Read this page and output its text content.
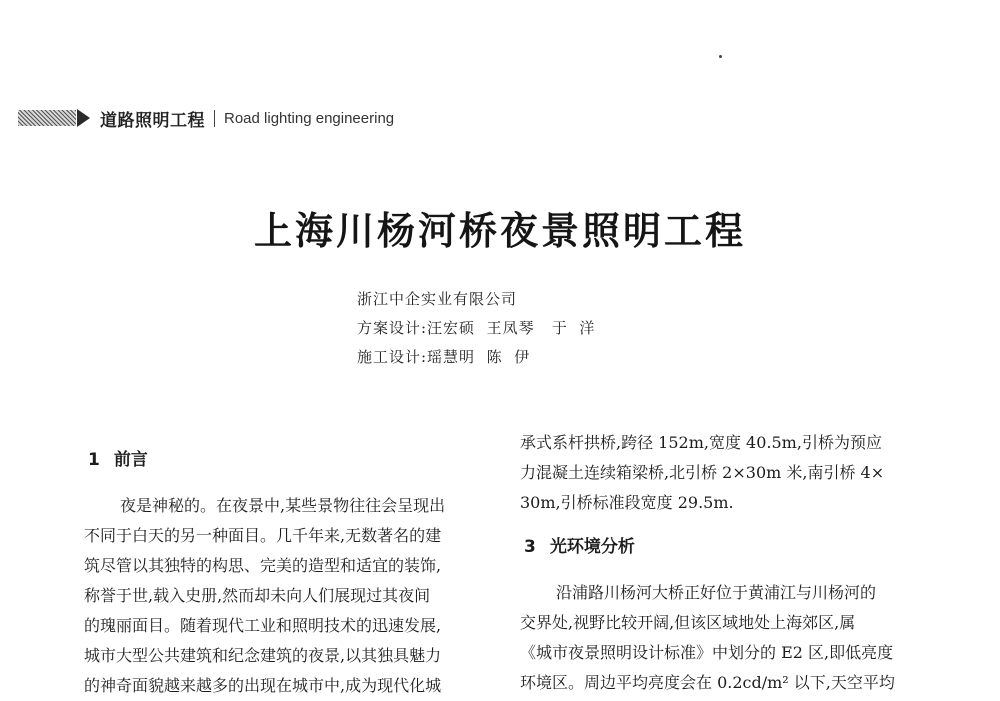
道路照明工程 Road lighting engineering
上海川杨河桥夜景照明工程
浙江中企实业有限公司
方案设计:汪宏硕  王凤琴   于  洋
施工设计:瑶慧明  陈  伊
1 前言
夜是神秘的。在夜景中,某些景物往往会呈现出
不同于白天的另一种面目。几千年来,无数著名的建
筑尽管以其独特的构思、完美的造型和适宜的装饰,
称誉于世,载入史册,然而却未向人们展现过其夜间
的瑰丽面目。随着现代工业和照明技术的迅速发展,
城市大型公共建筑和纪念建筑的夜景,以其独具魅力
的神奇面貌越来越多的出现在城市中,成为现代化城
承式系杆拱桥,跨径 152m,宽度 40.5m,引桥为预应
力混凝土连续箱梁桥,北引桥 2×30m 米,南引桥 4×
30m,引桥标准段宽度 29.5m.
3 光环境分析
沿浦路川杨河大桥正好位于黄浦江与川杨河的
交界处,视野比较开阔,但该区域地处上海郊区,属
《城市夜景照明设计标准》中划分的 E2 区,即低亮度
环境区。周边平均亮度会在 0.2cd/m² 以下,天空平均
